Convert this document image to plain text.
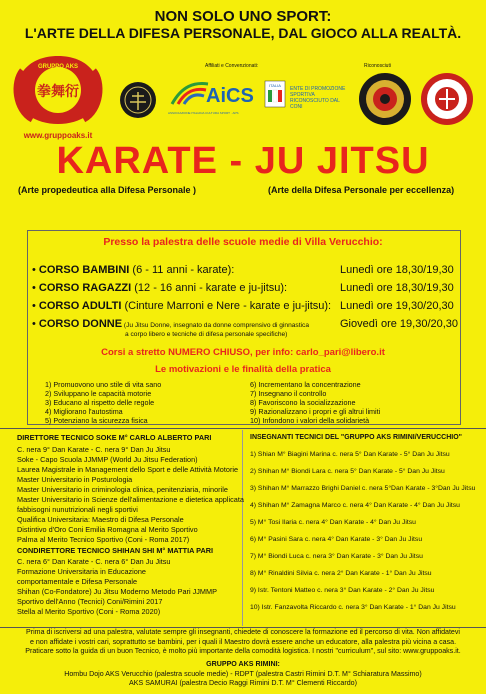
NON SOLO UNO SPORT:
L'ARTE DELLA DIFESA PERSONALE, DAL GIOCO ALLA REALTÀ.
GRUPPO AKS
拳舞衍
www.gruppoaks.it
Affiliati e Convenzionati:
AiCS
ASSOCIAZIONE ITALIANA CULTURA SPORT · APS
ITALIA
ENTE DI PROMOZIONE SPORTIVA RICONOSCIUTO DAL CONI
Riconosciuti
KARATE - JU JITSU
(Arte propedeutica alla Difesa Personale )	(Arte della Difesa Personale per eccellenza)
Presso la palestra delle scuole medie di Villa Verucchio:
• CORSO BAMBINI (6 - 11 anni - karate):	Lunedì ore 18,30/19,30
• CORSO RAGAZZI (12 - 16 anni - karate e ju-jitsu):	Lunedì ore 18,30/19,30
• CORSO ADULTI (Cinture Marroni e Nere - karate e ju-jitsu): Lunedì ore 19,30/20,30
• CORSO DONNE (Ju Jitsu Donne, insegnato da donne comprensivo di ginnastica
a corpo libero e tecniche di difesa personale specifiche)
Giovedì ore 19,30/20,30
Corsi a stretto NUMERO CHIUSO, per info: carlo_pari@libero.it
Le motivazioni e le finalità della pratica
1) Promuovono uno stile di vita sano
2) Sviluppano le capacità motorie
3) Educano al rispetto delle regole
4) Migliorano l'autostima
5) Potenziano la sicurezza fisica
6) Incrementano la concentrazione
7) Insegnano il controllo
8) Favoriscono la socializzazione
9) Razionalizzano i propri e gli altrui limiti
10) Infondono i valori della solidarietà
DIRETTORE TECNICO SOKE M° CARLO ALBERTO PARI
C. nera 9° Dan Karate - C. nera 9° Dan Ju Jitsu
Soke - Capo Scuola JJMMP (World Ju Jitsu Federation)
Laurea Magistrale in Management dello Sport e delle Attività Motorie
Master Universitario in Posturologia
Master Universitario in criminologia clinica, penitenziaria, minorile
Master Universitario in Scienze dell'alimentazione e dietetica applicata
fabbisogni nunutrizionali negli sportivi
Qualifica Universitaria: Maestro di Difesa Personale
Distintivo d'Oro Coni Emilia Romagna al Merito Sportivo
Palma al Merito Tecnico Sportivo (Coni - Roma 2017)
CONDIRETTORE TECNICO SHIHAN SHI M° MATTIA PARI
C. nera 6° Dan Karate - C. nera 6° Dan Ju Jitsu
Formazione Universitaria in Educazione
comportamentale e Difesa Personale
Shihan (Co-Fondatore) Ju Jitsu Moderno Metodo Pari JJMMP
Sportivo dell'Anno (Tecnici) Coni/Rimini 2017
Stella al Merito Sportivo (Coni - Roma 2020)
INSEGNANTI TECNICI DEL "GRUPPO AKS RIMINI/VERUCCHIO"
1) Shian M° Biagini Marina c. nera 5° Dan Karate - 5° Dan Ju Jitsu
2) Shihan M° Biondi Lara c. nera 5° Dan Karate - 5° Dan Ju Jitsu
3) Shihan M° Marrazzo Brighi Daniel c. nera 5°Dan Karate - 3°Dan Ju Jitsu
4) Shihan M° Zamagna Marco c. nera 4° Dan Karate - 4° Dan Ju Jitsu
5) M° Tosi Ilaria c. nera 4° Dan Karate - 4° Dan Ju Jitsu
6) M° Pasini Sara c. nera 4° Dan Karate - 3° Dan Ju Jitsu
7) M° Biondi Luca c. nera 3° Dan Karate - 3° Dan Ju Jitsu
8) M° Rinaldini Silvia c. nera 2° Dan Karate - 1° Dan Ju Jitsu
9) Istr. Tentoni Matteo c. nera 3° Dan Karate - 2° Dan Ju Jitsu
10) Istr. Fanzavolta Riccardo c. nera 3° Dan Karate - 1° Dan Ju Jitsu
Prima di iscriversi ad una palestra, valutate sempre gli insegnanti, chiedete di conoscere la formazione ed il percorso di vita. Non affidatevi
e non affidate i vostri cari, soprattutto se bambini, per i quali il Maestro dovrà essere anche un educatore, alla palestra più vicina a casa.
Praticare sotto la guida di un buon Tecnico, è molto più importante della comodità logistica. I nostri "curriculum", sul sito: www.gruppoaks.it.
GRUPPO AKS RIMINI:
Hombu Dojo AKS Verucchio (palestra scuole medie) - RDPT (palestra Castri Rimini D.T. M° Schiaratura Massimo)
AKS SAMURAI (palestra Decio Raggi Rimini D.T. M° Clementi Riccardo)
